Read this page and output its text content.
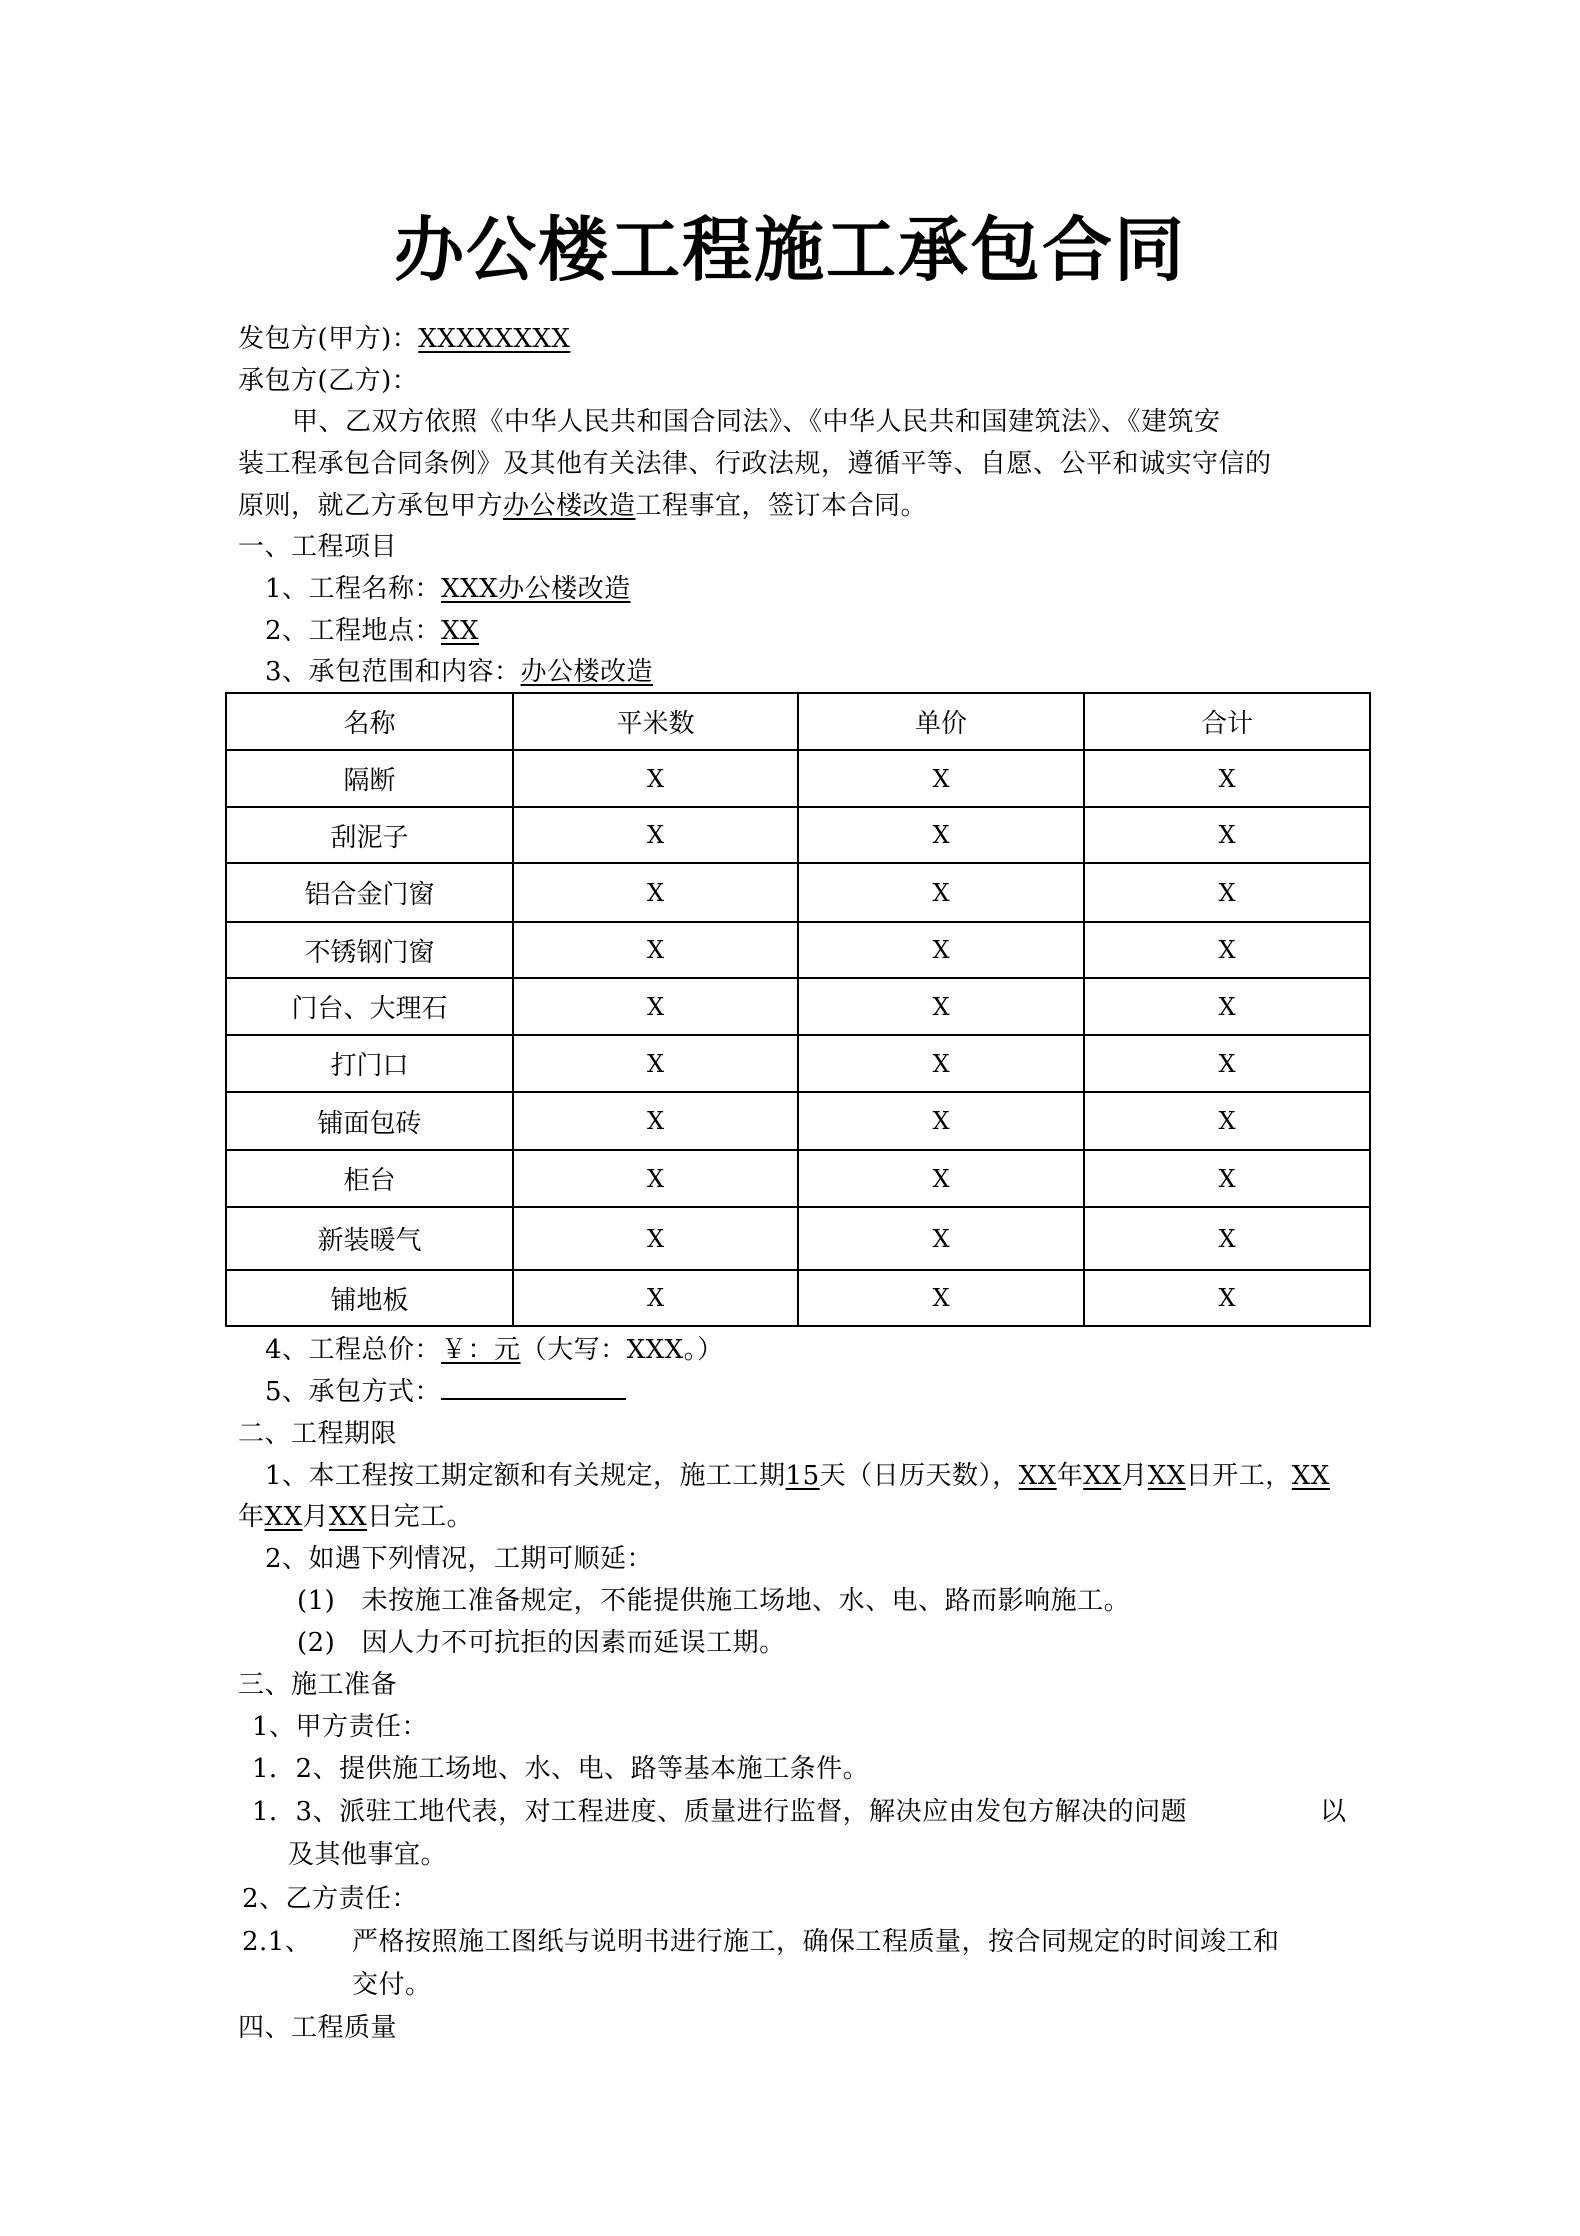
办公楼工程施工承包合同
发包方(甲方)：XXXXXXXX
承包方(乙方)：
甲、乙双方依照《中华人民共和国合同法》、《中华人民共和国建筑法》、《建筑安
装工程承包合同条例》及其他有关法律、行政法规，遵循平等、自愿、公平和诚实守信的
原则，就乙方承包甲方办公楼改造工程事宜，签订本合同。
一、工程项目
1、工程名称：XXX办公楼改造
2、工程地点：XX
3、承包范围和内容：办公楼改造
名称	平米数	单价	合计
隔断	X	X	X
刮泥子	X	X	X
铝合金门窗	X	X	X
不锈钢门窗	X	X	X
门台、大理石	X	X	X
打门口	X	X	X
铺面包砖	X	X	X
柜台	X	X	X
新装暖气	X	X	X
铺地板	X	X	X
4、工程总价：￥：元（大写：XXX。）
5、承包方式：
二、工程期限
1、本工程按工期定额和有关规定，施工工期15天（日历天数），XX年XX月XX日开工，XX
年XX月XX日完工。
2、如遇下列情况，工期可顺延：
(1) 未按施工准备规定，不能提供施工场地、水、电、路而影响施工。
(2) 因人力不可抗拒的因素而延误工期。
三、施工准备
1、甲方责任：
1．2、提供施工场地、水、电、路等基本施工条件。
1．3、派驻工地代表，对工程进度、质量进行监督，解决应由发包方解决的问题	以
及其他事宜。
2、乙方责任：
2.1、 严格按照施工图纸与说明书进行施工，确保工程质量，按合同规定的时间竣工和
交付。
四、工程质量
